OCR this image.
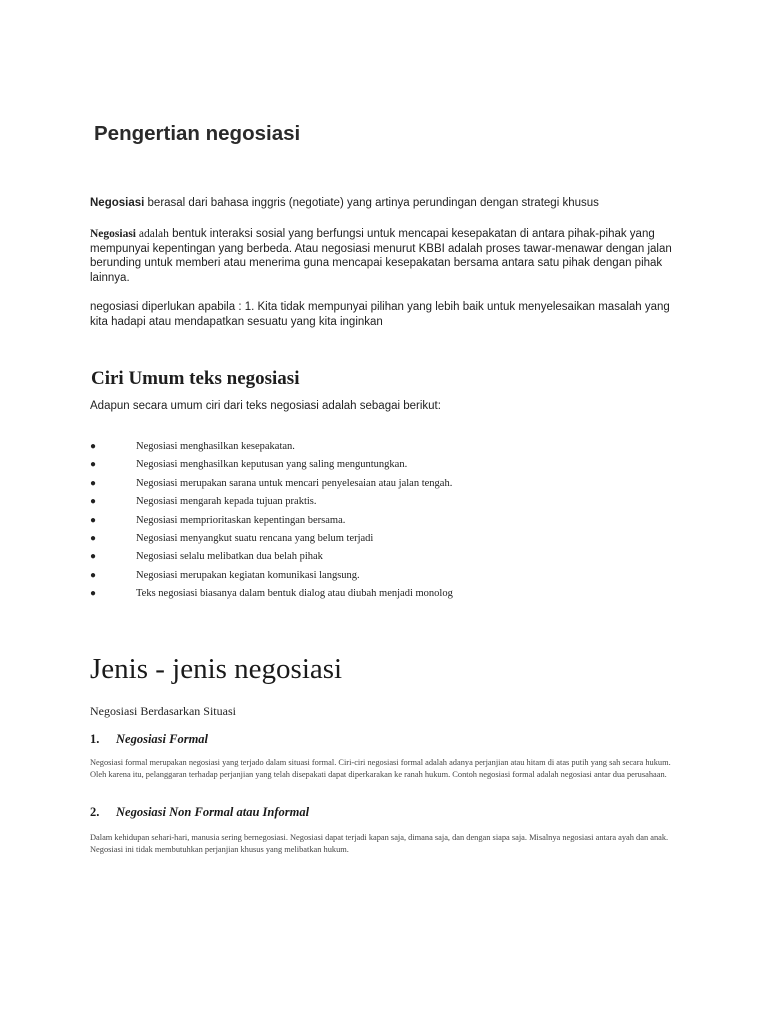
Pengertian negosiasi
Negosiasi berasal dari bahasa inggris (negotiate) yang artinya perundingan dengan strategi khusus
Negosiasi adalah bentuk interaksi sosial yang berfungsi untuk mencapai kesepakatan di antara pihak-pihak yang mempunyai kepentingan yang berbeda. Atau negosiasi menurut KBBI adalah proses tawar-menawar dengan jalan berunding untuk memberi atau menerima guna mencapai kesepakatan bersama antara satu pihak dengan pihak lainnya.
negosiasi diperlukan apabila : 1. Kita tidak mempunyai pilihan yang lebih baik untuk menyelesaikan masalah yang kita hadapi atau mendapatkan sesuatu yang kita inginkan
Ciri Umum teks negosiasi
Adapun secara umum ciri dari teks negosiasi adalah sebagai berikut:
●	Negosiasi menghasilkan kesepakatan.
●	Negosiasi menghasilkan keputusan yang saling menguntungkan.
●	Negosiasi merupakan sarana untuk mencari penyelesaian atau jalan tengah.
●	Negosiasi mengarah kepada tujuan praktis.
●	Negosiasi memprioritaskan kepentingan bersama.
●	Negosiasi menyangkut suatu rencana yang belum terjadi
●	Negosiasi selalu melibatkan dua belah pihak
●	Negosiasi merupakan kegiatan komunikasi langsung.
●	Teks negosiasi biasanya dalam bentuk dialog atau diubah menjadi monolog
Jenis - jenis negosiasi
Negosiasi Berdasarkan Situasi
1. Negosiasi Formal
Negosiasi formal merupakan negosiasi yang terjado dalam situasi formal. Ciri-ciri negosiasi formal adalah adanya perjanjian atau hitam di atas putih yang sah secara hukum. Oleh karena itu, pelanggaran terhadap perjanjian yang telah disepakati dapat diperkarakan ke ranah hukum. Contoh negosiasi formal adalah negosiasi antar dua perusahaan.
2. Negosiasi Non Formal atau Informal
Dalam kehidupan sehari-hari, manusia sering bernegosiasi. Negosiasi dapat terjadi kapan saja, dimana saja, dan dengan siapa saja. Misalnya negosiasi antara ayah dan anak. Negosiasi ini tidak membutuhkan perjanjian khusus yang melibatkan hukum.
